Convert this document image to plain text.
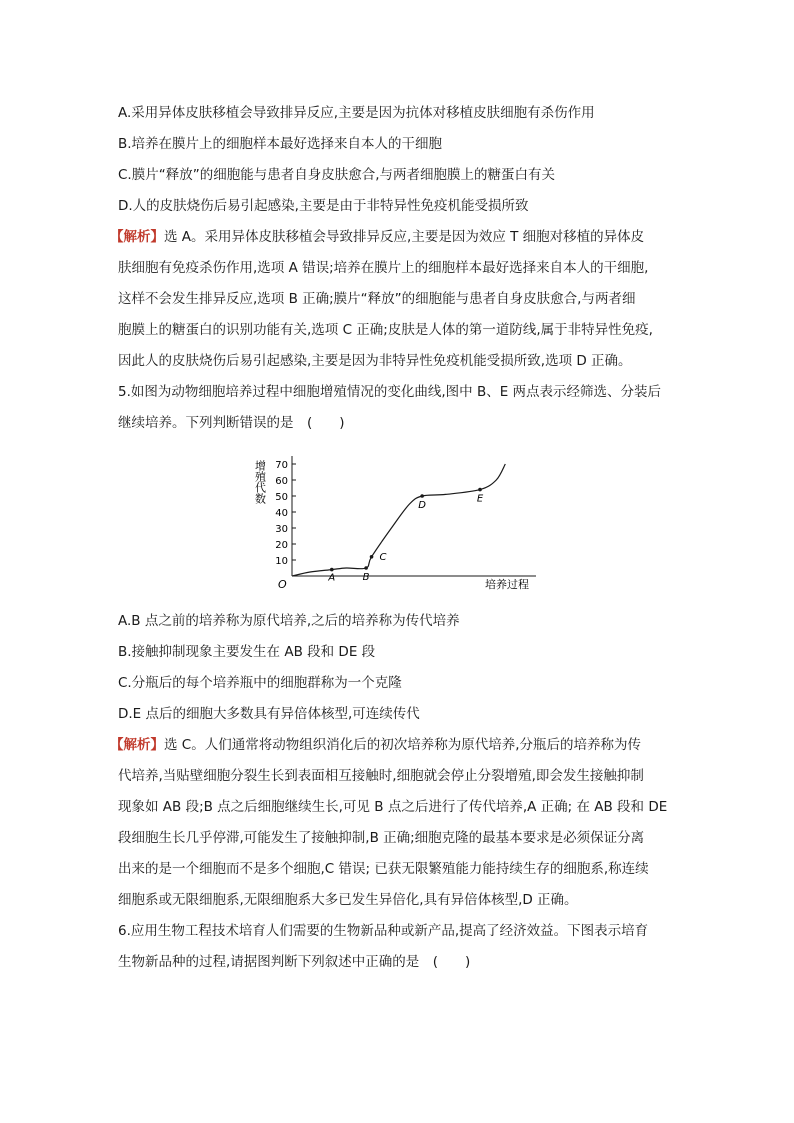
A.采用异体皮肤移植会导致排异反应,主要是因为抗体对移植皮肤细胞有杀伤作用
B.培养在膜片上的细胞样本最好选择来自本人的干细胞
C.膜片“释放”的细胞能与患者自身皮肤愈合,与两者细胞膜上的糖蛋白有关
D.人的皮肤烧伤后易引起感染,主要是由于非特异性免疫机能受损所致
【解析】选 A。采用异体皮肤移植会导致排异反应,主要是因为效应 T 细胞对移植的异体皮
肤细胞有免疫杀伤作用,选项 A 错误;培养在膜片上的细胞样本最好选择来自本人的干细胞,
这样不会发生排异反应,选项 B 正确;膜片“释放”的细胞能与患者自身皮肤愈合,与两者细
胞膜上的糖蛋白的识别功能有关,选项 C 正确;皮肤是人体的第一道防线,属于非特异性免疫,
因此人的皮肤烧伤后易引起感染,主要是因为非特异性免疫机能受损所致,选项 D 正确。
5.如图为动物细胞培养过程中细胞增殖情况的变化曲线,图中 B、E 两点表示经筛选、分装后
继续培养。下列判断错误的是　(　　)
O
增殖代数
培养过程
10
20
30
40
50
60
70
A	B
C
D
E
A.B 点之前的培养称为原代培养,之后的培养称为传代培养
B.接触抑制现象主要发生在 AB 段和 DE 段
C.分瓶后的每个培养瓶中的细胞群称为一个克隆
D.E 点后的细胞大多数具有异倍体核型,可连续传代
【解析】选 C。人们通常将动物组织消化后的初次培养称为原代培养,分瓶后的培养称为传
代培养,当贴壁细胞分裂生长到表面相互接触时,细胞就会停止分裂增殖,即会发生接触抑制
现象如 AB 段;B 点之后细胞继续生长,可见 B 点之后进行了传代培养,A 正确; 在 AB 段和 DE
段细胞生长几乎停滞,可能发生了接触抑制,B 正确;细胞克隆的最基本要求是必须保证分离
出来的是一个细胞而不是多个细胞,C 错误; 已获无限繁殖能力能持续生存的细胞系,称连续
细胞系或无限细胞系,无限细胞系大多已发生异倍化,具有异倍体核型,D 正确。
6.应用生物工程技术培育人们需要的生物新品种或新产品,提高了经济效益。下图表示培育
生物新品种的过程,请据图判断下列叙述中正确的是　(　　)
